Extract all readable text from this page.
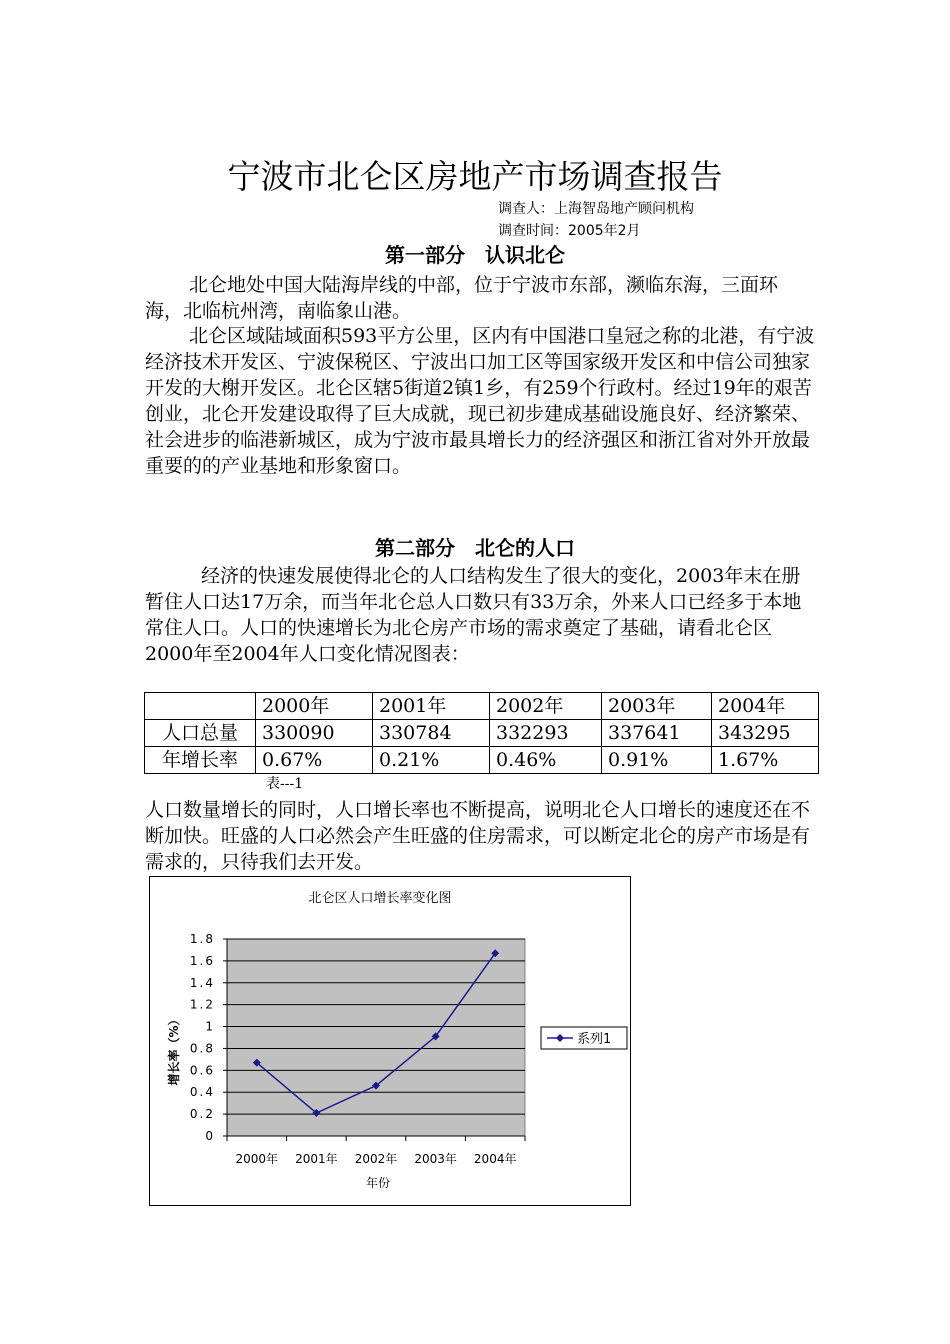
宁波市北仑区房地产市场调查报告
调查人：上海智岛地产顾问机构
调查时间：2005年2月
第一部分　认识北仑

北仑地处中国大陆海岸线的中部，位于宁波市东部，濒临东海，三面环海，北临杭州湾，南临象山港。

北仑区域陆域面积593平方公里，区内有中国港口皇冠之称的北港，有宁波经济技术开发区、宁波保税区、宁波出口加工区等国家级开发区和中信公司独家开发的大榭开发区。北仑区辖5街道2镇1乡，有259个行政村。经过19年的艰苦创业，北仑开发建设取得了巨大成就，现已初步建成基础设施良好、经济繁荣、社会进步的临港新城区，成为宁波市最具增长力的经济强区和浙江省对外开放最重要的的产业基地和形象窗口。

第二部分　北仑的人口

经济的快速发展使得北仑的人口结构发生了很大的变化，2003年末在册暂住人口达17万余，而当年北仑总人口数只有33万余，外来人口已经多于本地常住人口。人口的快速增长为北仑房产市场的需求奠定了基础，请看北仑区2000年至2004年人口变化情况图表：

	2000年	2001年	2002年	2003年	2004年
人口总量	330090	330784	332293	337641	343295
年增长率	0.67%	0.21%	0.46%	0.91%	1.67%
表---1

人口数量增长的同时，人口增长率也不断提高，说明北仑人口增长的速度还在不断加快。旺盛的人口必然会产生旺盛的住房需求，可以断定北仑的房产市场是有需求的，只待我们去开发。

北仑区人口增长率变化图
0
0.2
0.4
0.6
0.8
1
1.2
1.4
1.6
1.8
2000年 2001年 2002年 2003年 2004年
年份
增长率（%）	系列1
